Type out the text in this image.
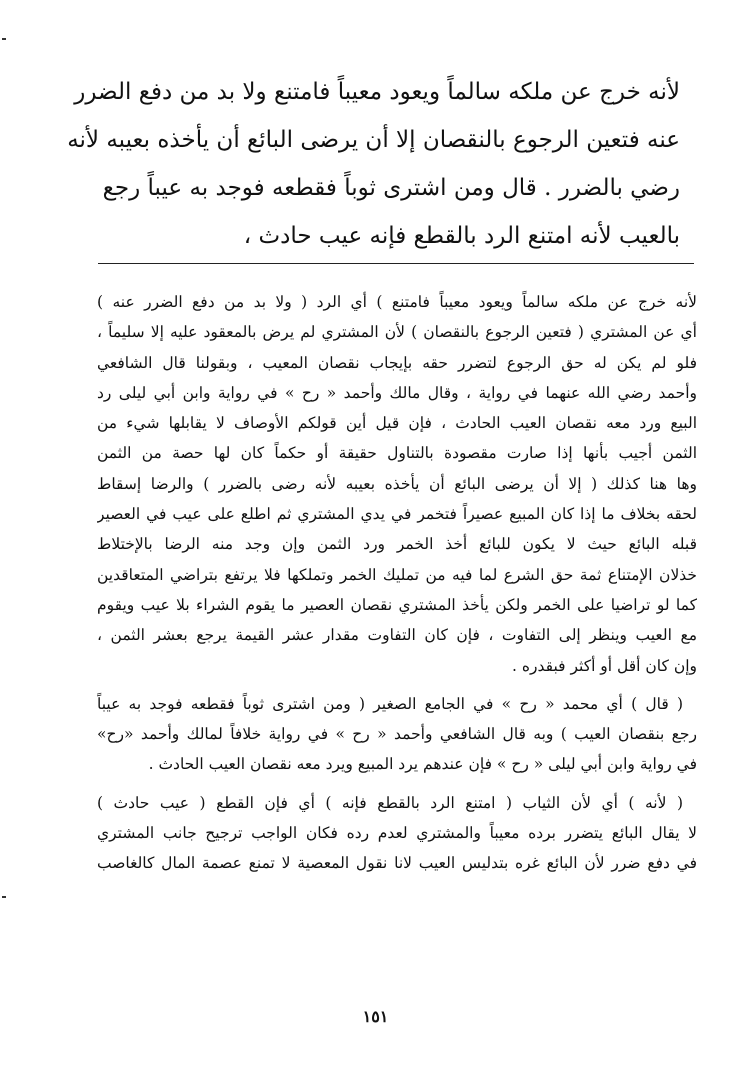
لأنه خرج عن ملكه سالماً ويعود معيباً فامتنع ولا بد من دفع الضرر
عنه فتعين الرجوع بالنقصان إلا أن يرضى البائع أن يأخذه بعيبه لأنه
رضي بالضرر . قال ومن اشترى ثوباً فقطعه فوجد به عيباً رجع
بالعيب لأنه امتنع الرد بالقطع فإنه عيب حادث ،
لأنه خرج عن ملكه سالماً ويعود معيباً فامتنع ) أي الرد ( ولا بد من دفع الضرر عنه )
أي عن المشتري ( فتعين الرجوع بالنقصان ) لأن المشتري لم يرض بالمعقود عليه إلا سليماً ،
فلو لم يكن له حق الرجوع لتضرر حقه بإيجاب نقصان المعيب ، وبقولنا قال الشافعي
وأحمد رضي الله عنهما في رواية ، وقال مالك وأحمد « رح » في رواية وابن أبي ليلى رد
البيع ورد معه نقصان العيب الحادث ، فإن قيل أين قولكم الأوصاف لا يقابلها شيء من
الثمن أجيب بأنها إذا صارت مقصودة بالتناول حقيقة أو حكماً كان لها حصة من الثمن
وها هنا كذلك ( إلا أن يرضى البائع أن يأخذه بعيبه لأنه رضى بالضرر ) والرضا إسقاط
لحقه بخلاف ما إذا كان المبيع عصيراً فتخمر في يدي المشتري ثم اطلع على عيب في العصير
قبله البائع حيث لا يكون للبائع أخذ الخمر ورد الثمن وإن وجد منه الرضا بالإختلاط
خذلان الإمتناع ثمة حق الشرع لما فيه من تمليك الخمر وتملكها فلا يرتفع بتراضي المتعاقدين
كما لو تراضيا على الخمر ولكن يأخذ المشتري نقصان العصير ما يقوم الشراء بلا عيب ويقوم
مع العيب وينظر إلى التفاوت ، فإن كان التفاوت مقدار عشر القيمة يرجع بعشر الثمن ،
وإن كان أقل أو أكثر فبقدره .
( قال ) أي محمد « رح » في الجامع الصغير ( ومن اشترى ثوباً فقطعه فوجد به عيباً
رجع بنقصان العيب ) وبه قال الشافعي وأحمد « رح » في رواية خلافاً لمالك وأحمد «رح»
في رواية وابن أبي ليلى « رح » فإن عندهم يرد المبيع ويرد معه نقصان العيب الحادث .
( لأنه ) أي لأن الثياب ( امتنع الرد بالقطع فإنه ) أي فإن القطع ( عيب حادث )
لا يقال البائع يتضرر برده معيباً والمشتري لعدم رده فكان الواجب ترجيح جانب المشتري
في دفع ضرر لأن البائع غره بتدليس العيب لانا نقول المعصية لا تمنع عصمة المال كالغاصب
١٥١
